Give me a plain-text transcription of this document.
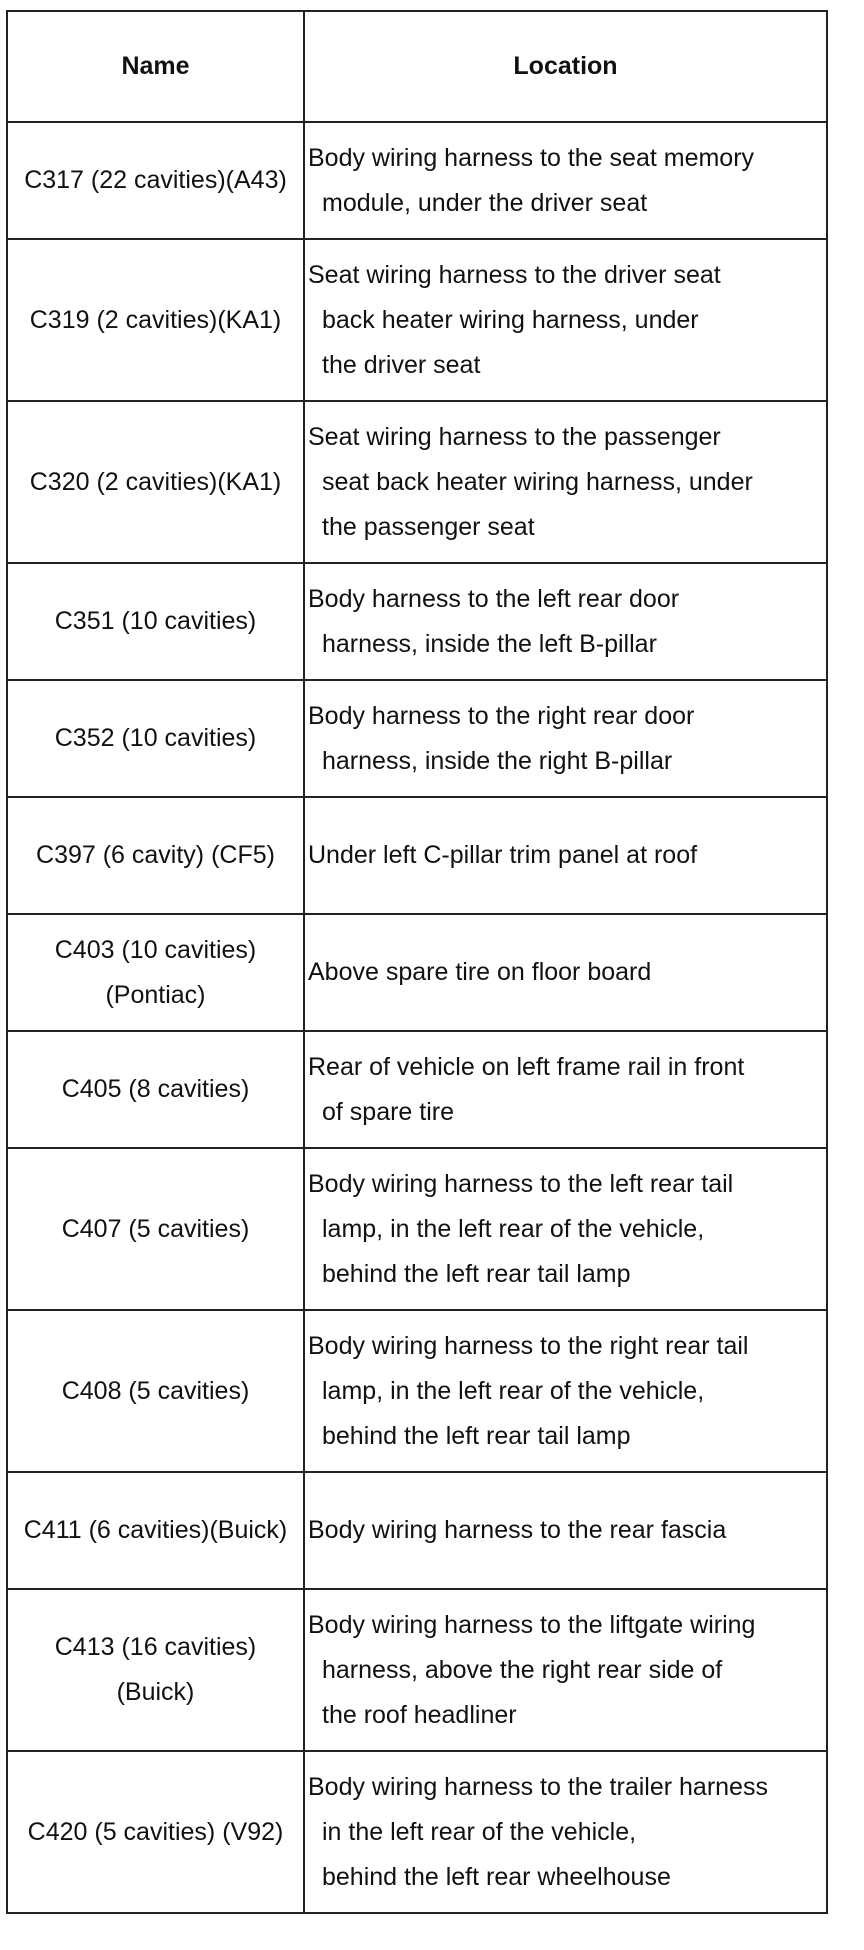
Name	Location

C317 (22 cavities)(A43)	Body wiring harness to the seat memory
module, under the driver seat

C319 (2 cavities)(KA1)	Seat wiring harness to the driver seat
back heater wiring harness, under
the driver seat

C320 (2 cavities)(KA1)	Seat wiring harness to the passenger
seat back heater wiring harness, under
the passenger seat

C351 (10 cavities)	Body harness to the left rear door
harness, inside the left B-pillar

C352 (10 cavities)	Body harness to the right rear door
harness, inside the right B-pillar

C397 (6 cavity) (CF5)	Under left C-pillar trim panel at roof

C403 (10 cavities)
(Pontiac)	Above spare tire on floor board

C405 (8 cavities)	Rear of vehicle on left frame rail in front
of spare tire

C407 (5 cavities)	Body wiring harness to the left rear tail
lamp, in the left rear of the vehicle,
behind the left rear tail lamp

C408 (5 cavities)	Body wiring harness to the right rear tail
lamp, in the left rear of the vehicle,
behind the left rear tail lamp

C411 (6 cavities)(Buick)	Body wiring harness to the rear fascia

C413 (16 cavities)
(Buick)	Body wiring harness to the liftgate wiring
harness, above the right rear side of
the roof headliner

C420 (5 cavities) (V92)	Body wiring harness to the trailer harness
in the left rear of the vehicle,
behind the left rear wheelhouse
